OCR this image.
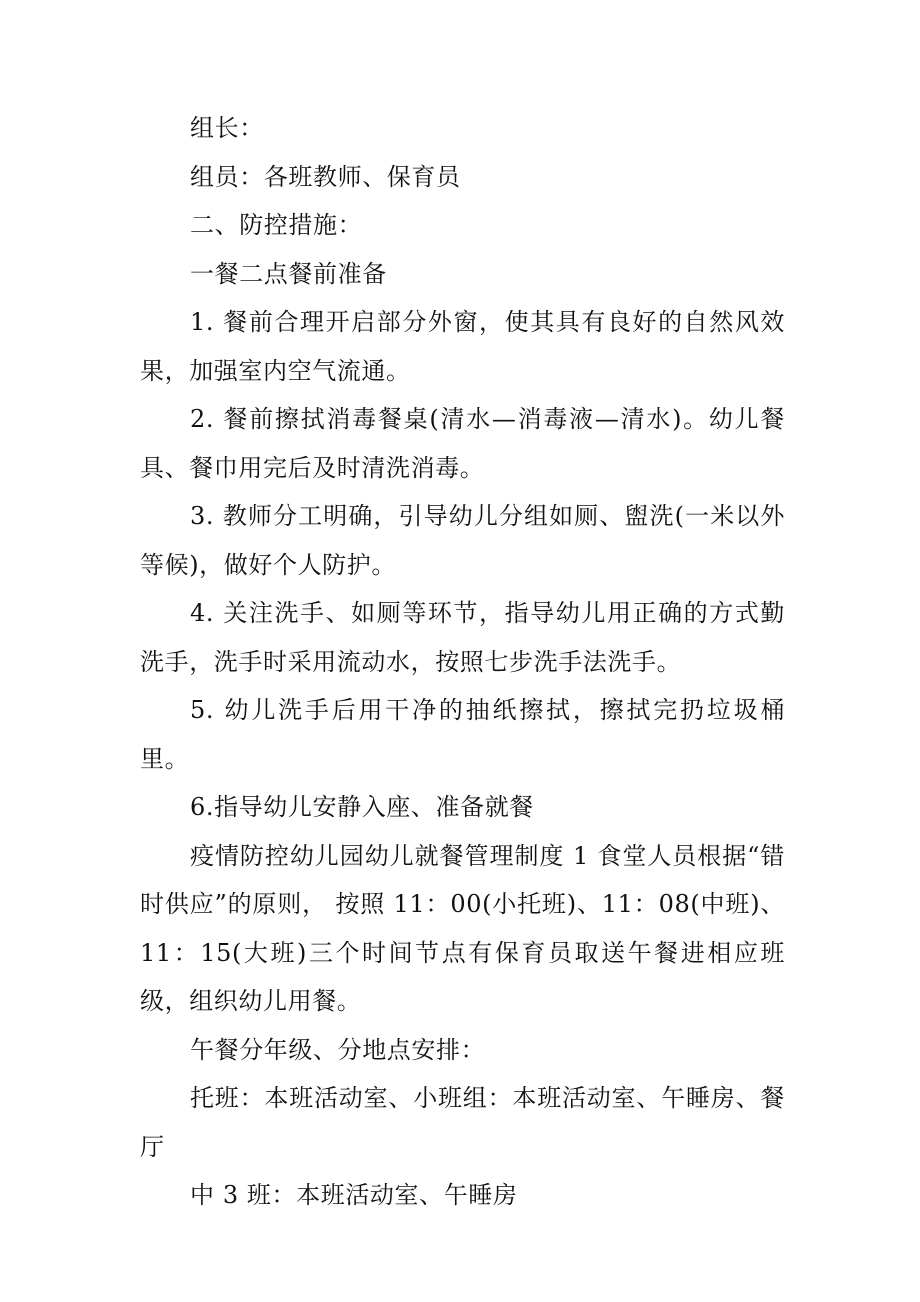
组长：

组员：各班教师、保育员

二、防控措施：

一餐二点餐前准备

1. 餐前合理开启部分外窗，使其具有良好的自然风效果，加强室内空气流通。

2. 餐前擦拭消毒餐桌(清水—消毒液—清水)。幼儿餐具、餐巾用完后及时清洗消毒。

3. 教师分工明确，引导幼儿分组如厕、盥洗(一米以外等候)，做好个人防护。

4. 关注洗手、如厕等环节，指导幼儿用正确的方式勤洗手，洗手时采用流动水，按照七步洗手法洗手。

5. 幼儿洗手后用干净的抽纸擦拭，擦拭完扔垃圾桶里。

6.指导幼儿安静入座、准备就餐

疫情防控幼儿园幼儿就餐管理制度 1 食堂人员根据“错时供应”的原则， 按照 11：00(小托班)、11：08(中班)、11：15(大班)三个时间节点有保育员取送午餐进相应班级，组织幼儿用餐。

午餐分年级、分地点安排：

托班：本班活动室、小班组：本班活动室、午睡房、餐厅

中 3 班：本班活动室、午睡房
